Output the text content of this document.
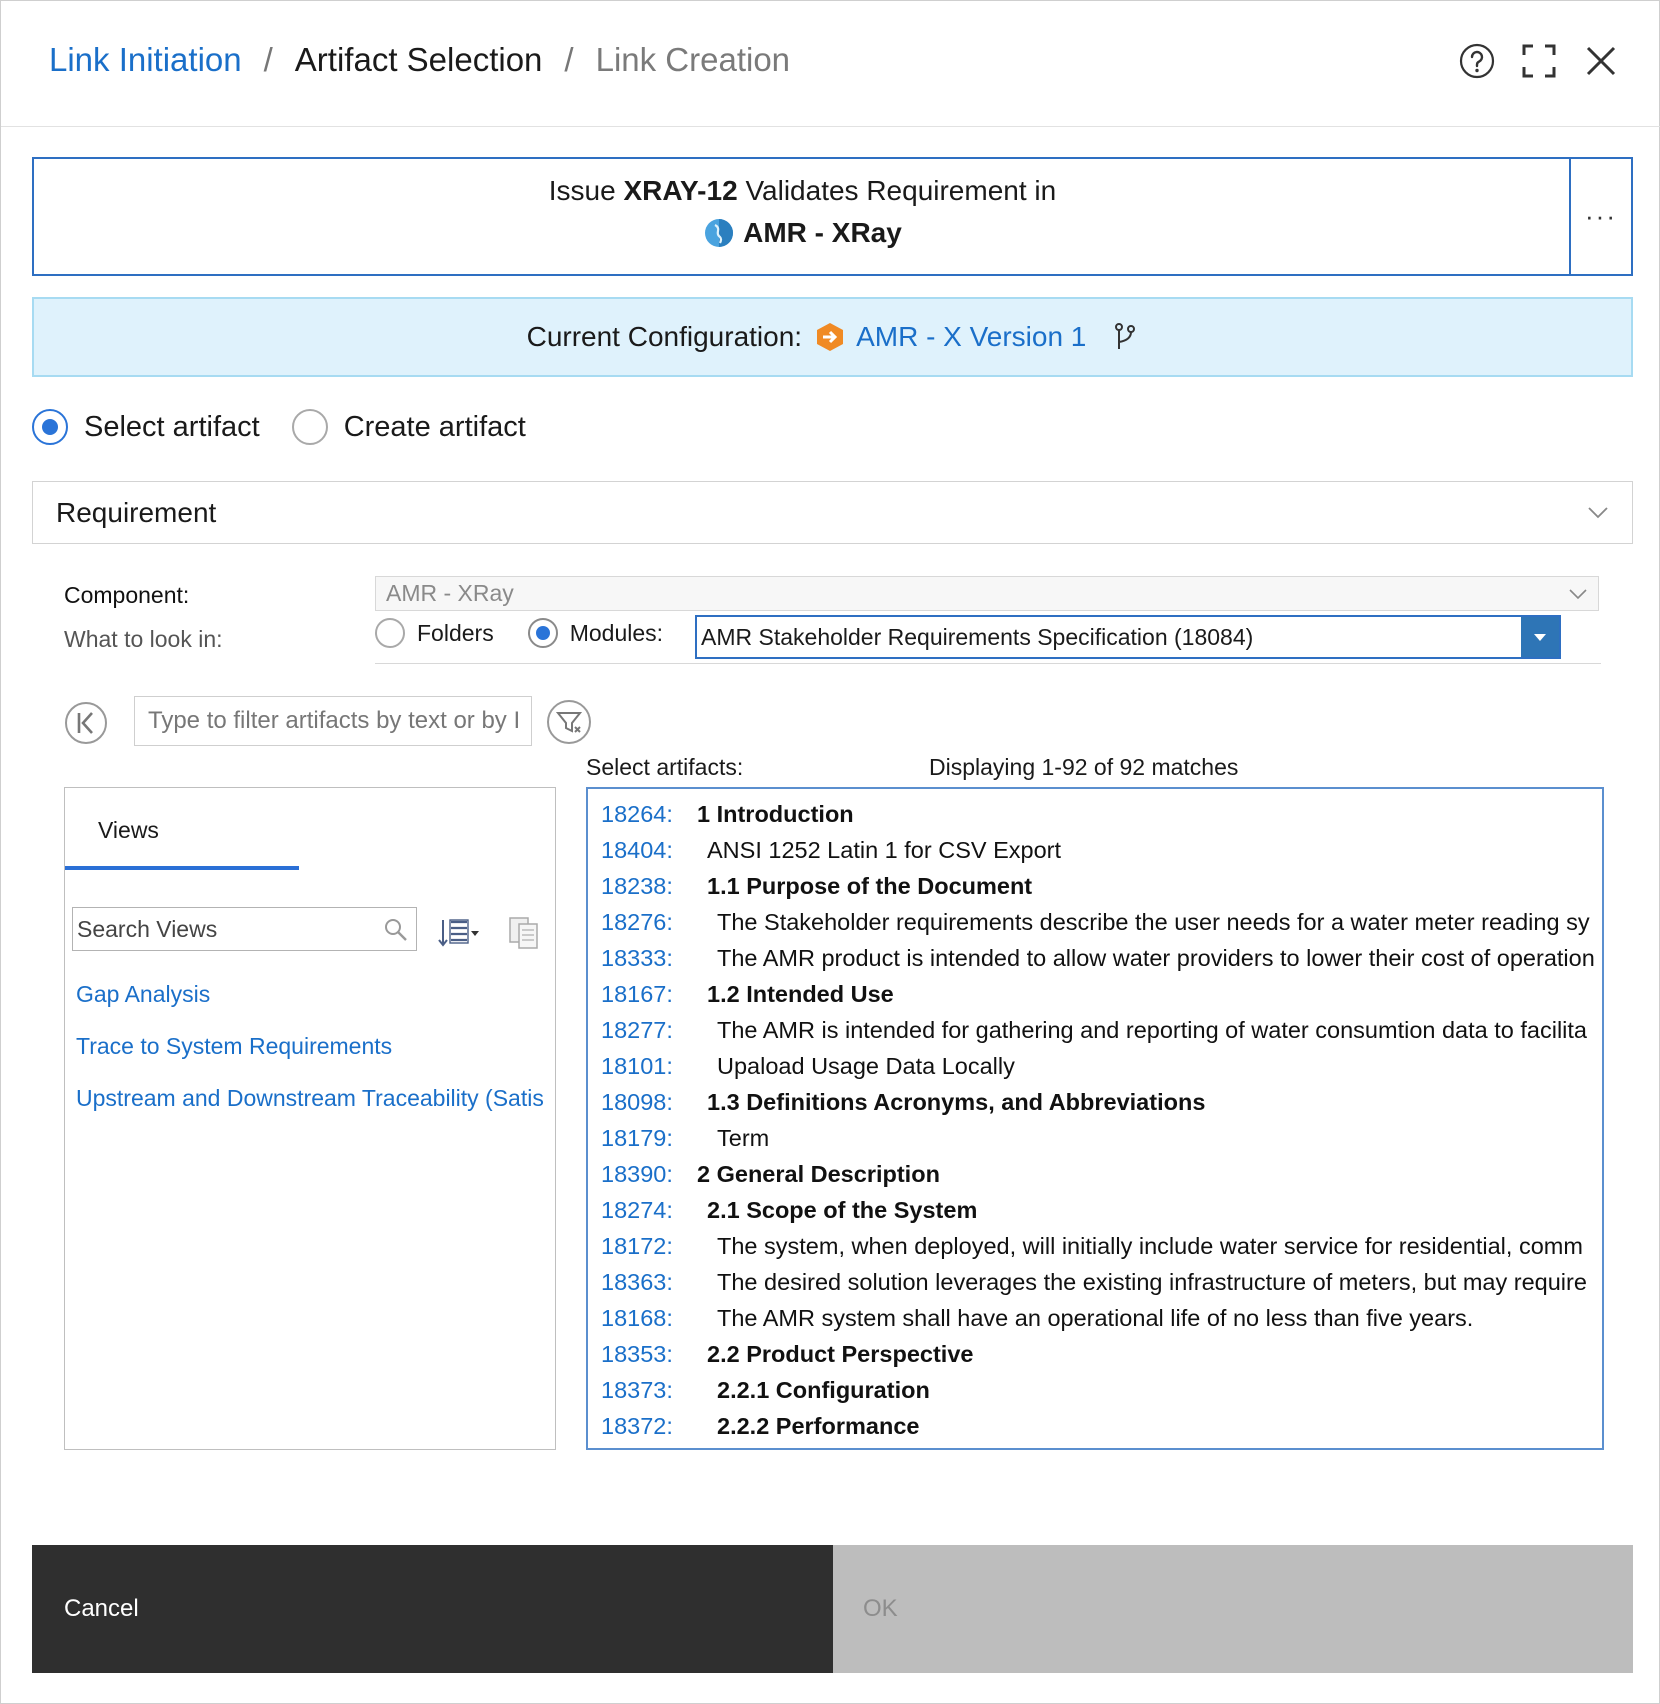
Link Initiation / Artifact Selection / Link Creation
Issue XRAY-12 Validates Requirement in
AMR - XRay
···
Current Configuration: AMR - X Version 1
Select artifact	Create artifact
Requirement
Component:	AMR - XRay
What to look in:	Folders	Modules: AMR Stakeholder Requirements Specification (18084)
Type to filter artifacts by text or by I
Views
Search Views
Gap Analysis
Trace to System Requirements
Upstream and Downstream Traceability (Satis
Select artifacts:	Displaying 1-92 of 92 matches
18264:	1 Introduction
18404:	ANSI 1252 Latin 1 for CSV Export
18238:	1.1 Purpose of the Document
18276:	The Stakeholder requirements describe the user needs for a water meter reading sy
18333:	The AMR product is intended to allow water providers to lower their cost of operation
18167:	1.2 Intended Use
18277:	The AMR is intended for gathering and reporting of water consumtion data to facilita
18101:	Upaload Usage Data Locally
18098:	1.3 Definitions Acronyms, and Abbreviations
18179:	Term
18390:	2 General Description
18274:	2.1 Scope of the System
18172:	The system, when deployed, will initially include water service for residential, comm
18363:	The desired solution leverages the existing infrastructure of meters, but may require
18168:	The AMR system shall have an operational life of no less than five years.
18353:	2.2 Product Perspective
18373:	2.2.1 Configuration
18372:	2.2.2 Performance
Cancel	OK
